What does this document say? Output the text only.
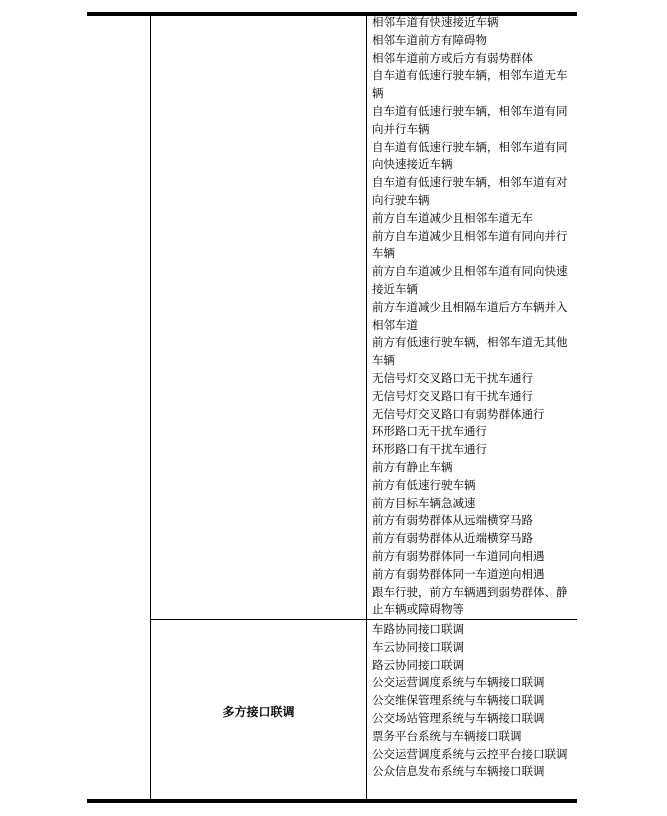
相邻车道有快速接近车辆
相邻车道前方有障碍物
相邻车道前方或后方有弱势群体
自车道有低速行驶车辆，相邻车道无车辆
自车道有低速行驶车辆，相邻车道有同向并行车辆
自车道有低速行驶车辆，相邻车道有同向快速接近车辆
自车道有低速行驶车辆，相邻车道有对向行驶车辆
前方自车道减少且相邻车道无车
前方自车道减少且相邻车道有同向并行车辆
前方自车道减少且相邻车道有同向快速接近车辆
前方车道减少且相隔车道后方车辆并入相邻车道
前方有低速行驶车辆，相邻车道无其他车辆
无信号灯交叉路口无干扰车通行
无信号灯交叉路口有干扰车通行
无信号灯交叉路口有弱势群体通行
环形路口无干扰车通行
环形路口有干扰车通行
前方有静止车辆
前方有低速行驶车辆
前方目标车辆急减速
前方有弱势群体从远端横穿马路
前方有弱势群体从近端横穿马路
前方有弱势群体同一车道同向相遇
前方有弱势群体同一车道逆向相遇
跟车行驶，前方车辆遇到弱势群体、静止车辆或障碍物等
多方接口联调
车路协同接口联调
车云协同接口联调
路云协同接口联调
公交运营调度系统与车辆接口联调
公交维保管理系统与车辆接口联调
公交场站管理系统与车辆接口联调
票务平台系统与车辆接口联调
公交运营调度系统与云控平台接口联调
公众信息发布系统与车辆接口联调
